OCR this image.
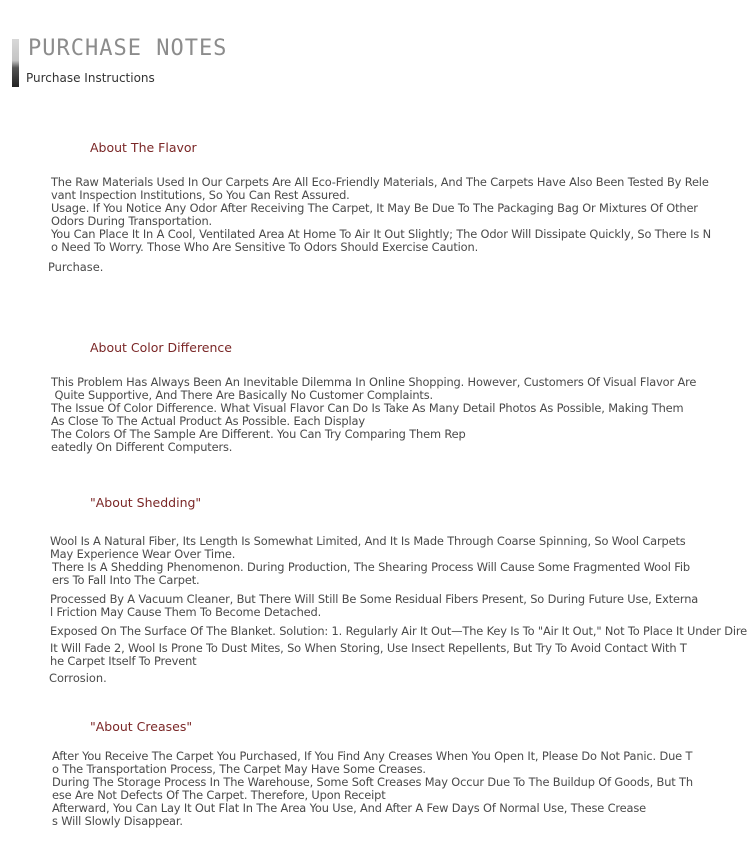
PURCHASE NOTES
Purchase Instructions
About The Flavor
The Raw Materials Used In Our Carpets Are All Eco-Friendly Materials, And The Carpets Have Also Been Tested By Rele
vant Inspection Institutions, So You Can Rest Assured.
Usage. If You Notice Any Odor After Receiving The Carpet, It May Be Due To The Packaging Bag Or Mixtures Of Other
Odors During Transportation.
You Can Place It In A Cool, Ventilated Area At Home To Air It Out Slightly; The Odor Will Dissipate Quickly, So There Is N
o Need To Worry. Those Who Are Sensitive To Odors Should Exercise Caution.
Purchase.
About Color Difference
This Problem Has Always Been An Inevitable Dilemma In Online Shopping. However, Customers Of Visual Flavor Are
Quite Supportive, And There Are Basically No Customer Complaints.
The Issue Of Color Difference. What Visual Flavor Can Do Is Take As Many Detail Photos As Possible, Making Them
As Close To The Actual Product As Possible. Each Display
The Colors Of The Sample Are Different. You Can Try Comparing Them Rep
eatedly On Different Computers.
"About Shedding"
Wool Is A Natural Fiber, Its Length Is Somewhat Limited, And It Is Made Through Coarse Spinning, So Wool Carpets
May Experience Wear Over Time.
There Is A Shedding Phenomenon. During Production, The Shearing Process Will Cause Some Fragmented Wool Fib
ers To Fall Into The Carpet.
Processed By A Vacuum Cleaner, But There Will Still Be Some Residual Fibers Present, So During Future Use, Externa
l Friction May Cause Them To Become Detached.
Exposed On The Surface Of The Blanket. Solution: 1. Regularly Air It Out—The Key Is To "Air It Out," Not To Place It Under Dire
It Will Fade 2, Wool Is Prone To Dust Mites, So When Storing, Use Insect Repellents, But Try To Avoid Contact With T
he Carpet Itself To Prevent
Corrosion.
"About Creases"
After You Receive The Carpet You Purchased, If You Find Any Creases When You Open It, Please Do Not Panic. Due T
o The Transportation Process, The Carpet May Have Some Creases.
During The Storage Process In The Warehouse, Some Soft Creases May Occur Due To The Buildup Of Goods, But Th
ese Are Not Defects Of The Carpet. Therefore, Upon Receipt
Afterward, You Can Lay It Out Flat In The Area You Use, And After A Few Days Of Normal Use, These Crease
s Will Slowly Disappear.
